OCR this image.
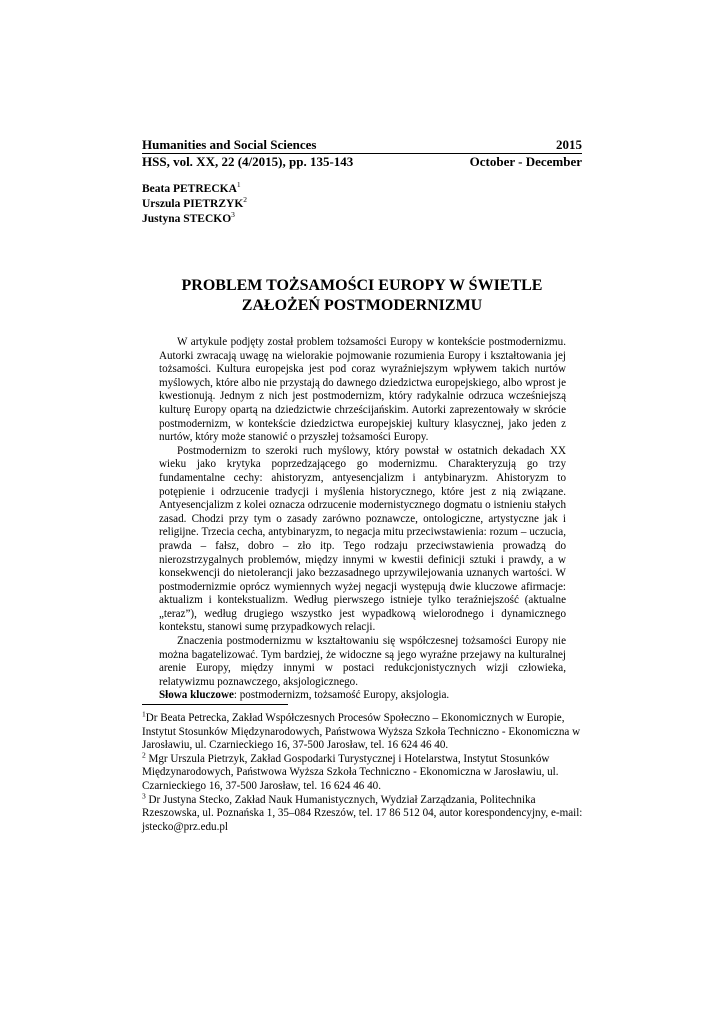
Humanities and Social Sciences	2015
HSS, vol. XX, 22 (4/2015), pp. 135-143	October - December
Beata PETRECKA$^1$
Urszula PIETRZYK$^2$
Justyna STECKO$^3$
PROBLEM TOŻSAMOŚCI EUROPY W ŚWIETLE
ZAŁOŻEŃ POSTMODERNIZMU

W artykule podjęty został problem tożsamości Europy w kontekście postmodernizmu. Autorki zwracają uwagę na wielorakie pojmowanie rozumienia Europy i kształtowania jej tożsamości. Kultura europejska jest pod coraz wyraźniejszym wpływem takich nurtów myślowych, które albo nie przystają do dawnego dziedzictwa europejskiego, albo wprost je kwestionują. Jednym z nich jest postmodernizm, który radykalnie odrzuca wcześniejszą kulturę Europy opartą na dziedzictwie chrześcijańskim. Autorki zaprezentowały w skrócie postmodernizm, w kontekście dziedzictwa europejskiej kultury klasycznej, jako jeden z nurtów, który może stanowić o przyszłej tożsamości Europy.

Postmodernizm to szeroki ruch myślowy, który powstał w ostatnich dekadach XX wieku jako krytyka poprzedzającego go modernizmu. Charakteryzują go trzy fundamentalne cechy: ahistoryzm, antyesencjalizm i antybinaryzm. Ahistoryzm to potępienie i odrzucenie tradycji i myślenia historycznego, które jest z nią związane. Antyesencjalizm z kolei oznacza odrzucenie modernistycznego dogmatu o istnieniu stałych zasad. Chodzi przy tym o zasady zarówno poznawcze, ontologiczne, artystyczne jak i religijne. Trzecia cecha, antybinaryzm, to negacja mitu przeciwstawienia: rozum – uczucia, prawda – fałsz, dobro – zło itp. Tego rodzaju przeciwstawienia prowadzą do nierozstrzygalnych problemów, między innymi w kwestii definicji sztuki i prawdy, a w konsekwencji do nietolerancji jako bezzasadnego uprzywilejowania uznanych wartości. W postmodernizmie oprócz wymiennych wyżej negacji występują dwie kluczowe afirmacje: aktualizm i kontekstualizm. Według pierwszego istnieje tylko teraźniejszość (aktualne „teraz”), według drugiego wszystko jest wypadkową wielorodnego i dynamicznego kontekstu, stanowi sumę przypadkowych relacji.

Znaczenia postmodernizmu w kształtowaniu się współczesnej tożsamości Europy nie można bagatelizować. Tym bardziej, że widoczne są jego wyraźne przejawy na kulturalnej arenie Europy, między innymi w postaci redukcjonistycznych wizji człowieka, relatywizmu poznawczego, aksjologicznego.

Słowa kluczowe: postmodernizm, tożsamość Europy, aksjologia.

$^1$Dr Beata Petrecka, Zakład Współczesnych Procesów Społeczno – Ekonomicznych w Europie, Instytut Stosunków Międzynarodowych, Państwowa Wyższa Szkoła Techniczno - Ekonomiczna w Jarosławiu, ul. Czarnieckiego 16, 37-500 Jarosław, tel. 16 624 46 40.

$^2$ Mgr Urszula Pietrzyk, Zakład Gospodarki Turystycznej i Hotelarstwa, Instytut Stosunków Międzynarodowych, Państwowa Wyższa Szkoła Techniczno - Ekonomiczna w Jarosławiu, ul. Czarnieckiego 16, 37-500 Jarosław, tel. 16 624 46 40.

$^3$ Dr Justyna Stecko, Zakład Nauk Humanistycznych, Wydział Zarządzania, Politechnika Rzeszowska, ul. Poznańska 1, 35–084 Rzeszów, tel. 17 86 512 04, autor korespondencyjny, e-mail: jstecko@prz.edu.pl
